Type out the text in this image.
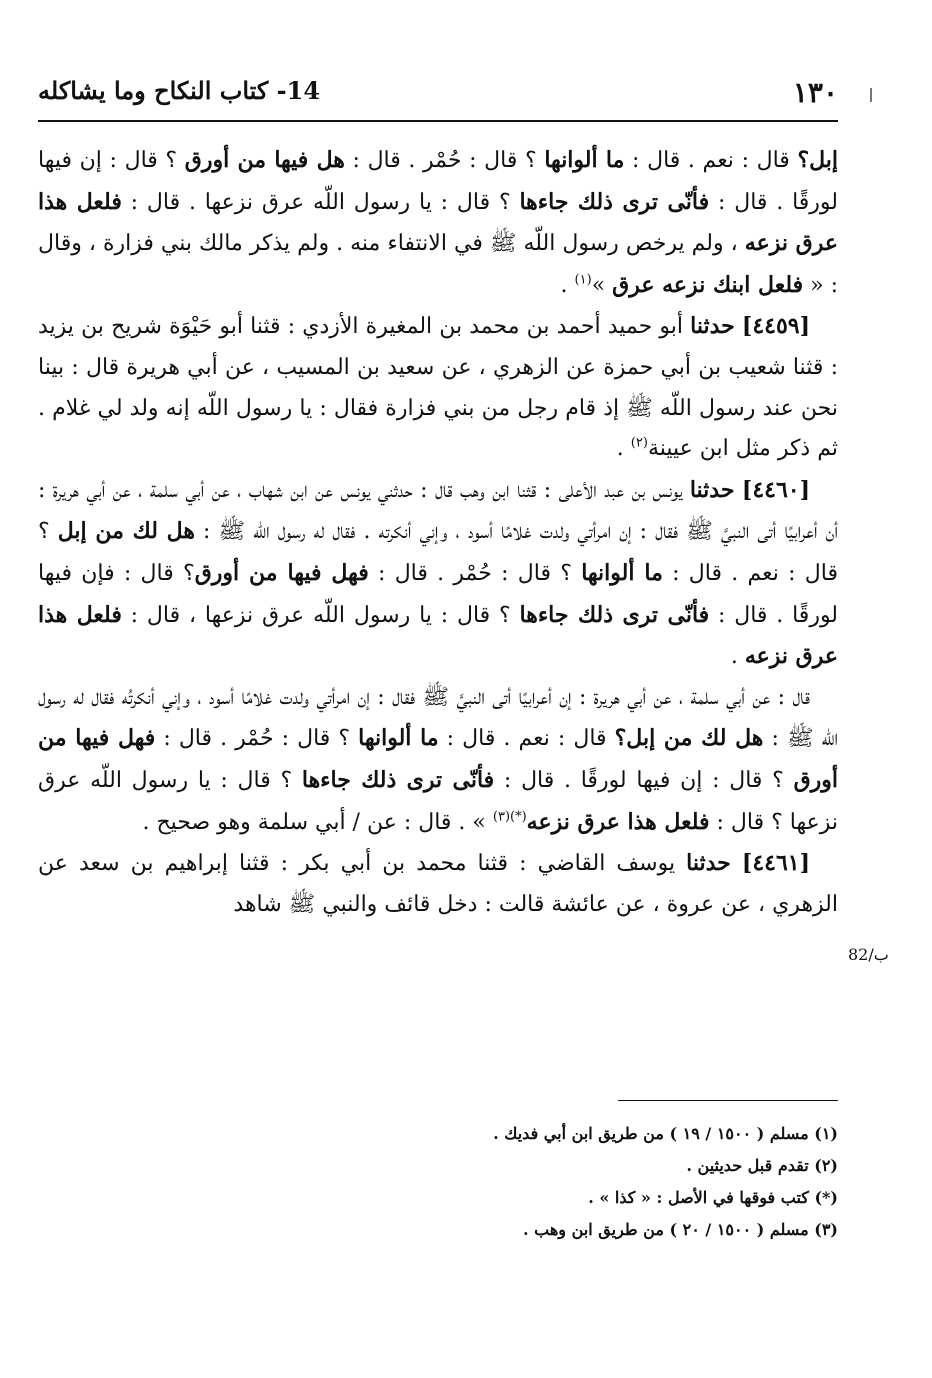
١٣٠
14- كتاب النكاح وما يشاكله

إبل؟ قال : نعم . قال : ما ألوانها ؟ قال : حُمْر . قال : هل فيها من أورق ؟ قال : إن فيها لورقًا . قال : فأنّى ترى ذلك جاءها ؟ قال : يا رسول اللّه عرق نزعها . قال : فلعل هذا عرق نزعه ، ولم يرخص رسول اللّه ﷺ في الانتفاء منه . ولم يذكر مالك بني فزارة ، وقال : « فلعل ابنك نزعه عرق »$^{(١)}$ .

[٤٤٥٩] حدثنا أبو حميد أحمد بن محمد بن المغيرة الأزدي : قثنا أبو حَيْوَة شريح بن يزيد : قثنا شعيب بن أبي حمزة عن الزهري ، عن سعيد بن المسيب ، عن أبي هريرة قال : بينا نحن عند رسول اللّه ﷺ إذ قام رجل من بني فزارة فقال : يا رسول اللّه إنه ولد لي غلام . ثم ذكر مثل ابن عيينة$^{(٢)}$ .

[٤٤٦٠] حدثنا يونس بن عبد الأعلى : قثنا ابن وهب قال : حدثني يونس عن ابن شهاب ، عن أبي سلمة ، عن أبي هريرة : أن أعرابيًا أتى النبيَّ ﷺ فقال : إن امرأتي ولدت غلامًا أسود ، وإني أنكرته . فقال له رسول اللّه ﷺ : هل لك من إبل ؟ قال : نعم . قال : ما ألوانها ؟ قال : حُمْر . قال : فهل فيها من أورق؟ قال : فإن فيها لورقًا . قال : فأنّى ترى ذلك جاءها ؟ قال : يا رسول اللّه عرق نزعها ، قال : فلعل هذا عرق نزعه .

قال : عن أبي سلمة ، عن أبي هريرة : إن أعرابيًا أتى النبيَّ ﷺ فقال : إن امرأتي ولدت غلامًا أسود ، وإني أنكرتُه فقال له رسول اللّه ﷺ : هل لك من إبل؟ قال : نعم . قال : ما ألوانها ؟ قال : حُمْر . قال : فهل فيها من أورق ؟ قال : إن فيها لورقًا . قال : فأنّى ترى ذلك جاءها ؟ قال : يا رسول اللّه عرق نزعها ؟ قال : فلعل هذا عرق نزعه$^{(*)(٣)}$ » . قال : عن / أبي سلمة وهو صحيح .

[٤٤٦١] حدثنا يوسف القاضي : قثنا محمد بن أبي بكر : قثنا إبراهيم بن سعد عن الزهري ، عن عروة ، عن عائشة قالت : دخل قائف والنبي ﷺ شاهد

82/ب
(١) مسلم ( ١٥٠٠ / ١٩ ) من طريق ابن أبي فديك .
(٢) تقدم قبل حديثين .
(*) كتب فوقها في الأصل : « كذا » .
(٣) مسلم ( ١٥٠٠ / ٢٠ ) من طريق ابن وهب .
